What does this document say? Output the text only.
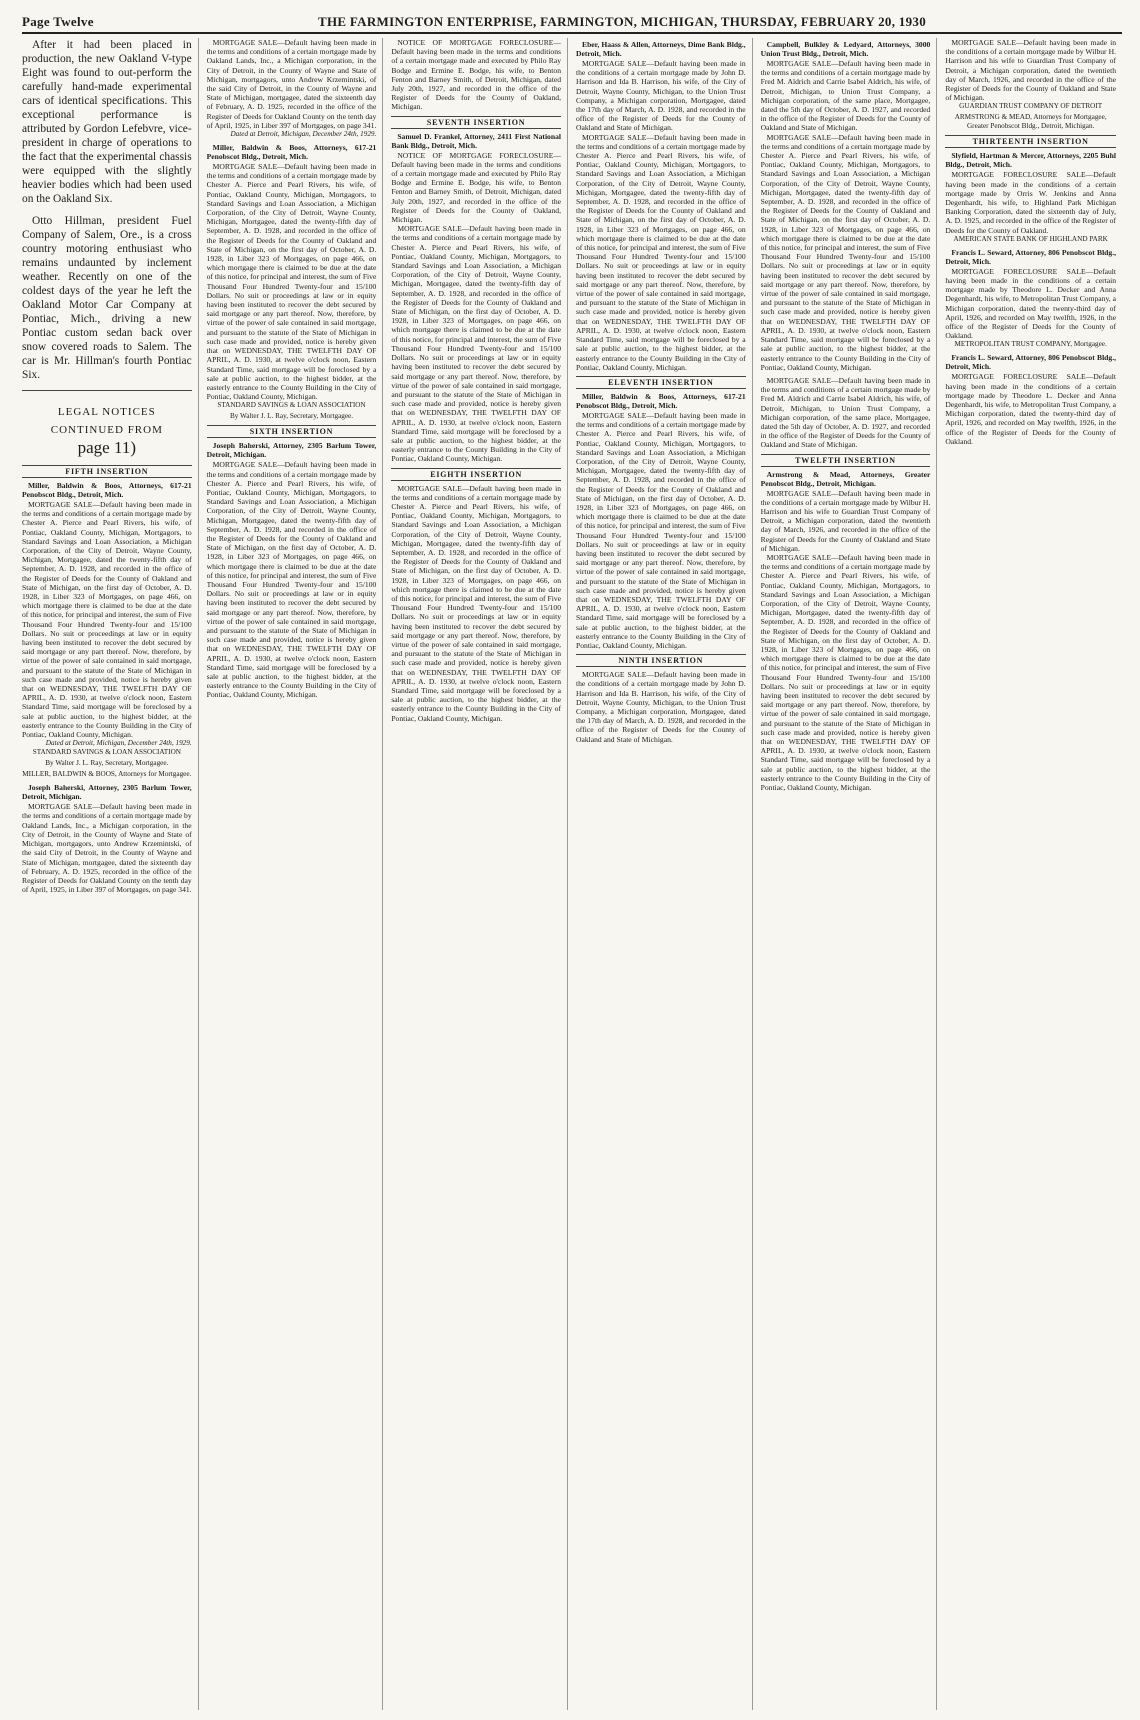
Page Twelve	THE FARMINGTON ENTERPRISE, FARMINGTON, MICHIGAN, THURSDAY, FEBRUARY 20, 1930

After it had been placed in production, the new Oakland V-type Eight was found to out-perform the carefully hand-made experimental cars of identical specifications. This exceptional performance is attributed by Gordon Lefebvre, vice-president in charge of operations to the fact that the experimental chassis were equipped with the slightly heavier bodies which had been used on the Oakland Six.

Otto Hillman, president Fuel Company of Salem, Ore., is a cross country motoring enthusiast who remains undaunted by inclement weather. Recently on one of the coldest days of the year he left the Oakland Motor Car Company at Pontiac, Mich., driving a new Pontiac custom sedan back over snow covered roads to Salem. The car is Mr. Hillman's fourth Pontiac Six.

LEGAL NOTICES
CONTINUED FROM
page 11)
FIFTH INSERTION
Miller, Baldwin & Boos, Attorneys, 617-21 Penobscot Bldg., Detroit, Mich.

MORTGAGE SALE—Default having been made in the terms and conditions of a certain mortgage made by Chester A. Pierce and Pearl Rivers, his wife, of Pontiac, Oakland County, Michigan, Mortgagors, to Standard Savings and Loan Association, a Michigan Corporation, of the City of Detroit, Wayne County, Michigan, Mortgagee, dated the twenty-fifth day of September, A. D. 1928, and recorded in the office of the Register of Deeds for the County of Oakland and State of Michigan, on the first day of October, A. D. 1928, in Liber 323 of Mortgages, on page 466, on which mortgage there is claimed to be due at the date of this notice, for principal and interest, the sum of Five Thousand Four Hundred Twenty-four and 15/100 Dollars. No suit or proceedings at law or in equity having been instituted to recover the debt secured by said mortgage or any part thereof. Now, therefore, by virtue of the power of sale contained in said mortgage, and pursuant to the statute of the State of Michigan in such case made and provided, notice is hereby given that on WEDNESDAY, THE TWELFTH DAY OF APRIL, A. D. 1930, at twelve o'clock noon, Eastern Standard Time, said mortgage will be foreclosed by a sale at public auction, to the highest bidder, at the easterly entrance to the County Building in the City of Pontiac, Oakland County, Michigan.

Dated at Detroit, Michigan, December 24th, 1929.
STANDARD SAVINGS & LOAN ASSOCIATION
By Walter J. L. Ray, Secretary, Mortgagee.
MILLER, BALDWIN & BOOS, Attorneys for Mortgagee.
Joseph Baherski, Attorney, 2305 Barlum Tower, Detroit, Michigan.

MORTGAGE SALE—Default having been made in the terms and conditions of a certain mortgage made by Oakland Lands, Inc., a Michigan corporation, in the City of Detroit, in the County of Wayne and State of Michigan, mortgagors, unto Andrew Krzemintski, of the said City of Detroit, in the County of Wayne and State of Michigan, mortgagee, dated the sixteenth day of February, A. D. 1925, recorded in the office of the Register of Deeds for Oakland County on the tenth day of April, 1925, in Liber 397 of Mortgages, on page 341.

MORTGAGE SALE—Default having been made in the terms and conditions of a certain mortgage made by Oakland Lands, Inc., a Michigan corporation, in the City of Detroit, in the County of Wayne and State of Michigan, mortgagors, unto Andrew Krzemintski, of the said City of Detroit, in the County of Wayne and State of Michigan, mortgagee, dated the sixteenth day of February, A. D. 1925, recorded in the office of the Register of Deeds for Oakland County on the tenth day of April, 1925, in Liber 397 of Mortgages, on page 341.

Dated at Detroit, Michigan, December 24th, 1929.
Miller, Baldwin & Boos, Attorneys, 617-21 Penobscot Bldg., Detroit, Mich.

MORTGAGE SALE—Default having been made in the terms and conditions of a certain mortgage made by Chester A. Pierce and Pearl Rivers, his wife, of Pontiac, Oakland County, Michigan, Mortgagors, to Standard Savings and Loan Association, a Michigan Corporation, of the City of Detroit, Wayne County, Michigan, Mortgagee, dated the twenty-fifth day of September, A. D. 1928, and recorded in the office of the Register of Deeds for the County of Oakland and State of Michigan, on the first day of October, A. D. 1928, in Liber 323 of Mortgages, on page 466, on which mortgage there is claimed to be due at the date of this notice, for principal and interest, the sum of Five Thousand Four Hundred Twenty-four and 15/100 Dollars. No suit or proceedings at law or in equity having been instituted to recover the debt secured by said mortgage or any part thereof. Now, therefore, by virtue of the power of sale contained in said mortgage, and pursuant to the statute of the State of Michigan in such case made and provided, notice is hereby given that on WEDNESDAY, THE TWELFTH DAY OF APRIL, A. D. 1930, at twelve o'clock noon, Eastern Standard Time, said mortgage will be foreclosed by a sale at public auction, to the highest bidder, at the easterly entrance to the County Building in the City of Pontiac, Oakland County, Michigan.

STANDARD SAVINGS & LOAN ASSOCIATION
By Walter J. L. Ray, Secretary, Mortgagee.
SIXTH INSERTION
Joseph Baherski, Attorney, 2305 Barlum Tower, Detroit, Michigan.

MORTGAGE SALE—Default having been made in the terms and conditions of a certain mortgage made by Chester A. Pierce and Pearl Rivers, his wife, of Pontiac, Oakland County, Michigan, Mortgagors, to Standard Savings and Loan Association, a Michigan Corporation, of the City of Detroit, Wayne County, Michigan, Mortgagee, dated the twenty-fifth day of September, A. D. 1928, and recorded in the office of the Register of Deeds for the County of Oakland and State of Michigan, on the first day of October, A. D. 1928, in Liber 323 of Mortgages, on page 466, on which mortgage there is claimed to be due at the date of this notice, for principal and interest, the sum of Five Thousand Four Hundred Twenty-four and 15/100 Dollars. No suit or proceedings at law or in equity having been instituted to recover the debt secured by said mortgage or any part thereof. Now, therefore, by virtue of the power of sale contained in said mortgage, and pursuant to the statute of the State of Michigan in such case made and provided, notice is hereby given that on WEDNESDAY, THE TWELFTH DAY OF APRIL, A. D. 1930, at twelve o'clock noon, Eastern Standard Time, said mortgage will be foreclosed by a sale at public auction, to the highest bidder, at the easterly entrance to the County Building in the City of Pontiac, Oakland County, Michigan.

NOTICE OF MORTGAGE FORECLOSURE—Default having been made in the terms and conditions of a certain mortgage made and executed by Philo Ray Bodge and Ermine E. Bodge, his wife, to Benton Fenton and Barney Smith, of Detroit, Michigan, dated July 20th, 1927, and recorded in the office of the Register of Deeds for the County of Oakland, Michigan.

SEVENTH INSERTION
Samuel D. Frankel, Attorney, 2411 First National Bank Bldg., Detroit, Mich.

NOTICE OF MORTGAGE FORECLOSURE—Default having been made in the terms and conditions of a certain mortgage made and executed by Philo Ray Bodge and Ermine E. Bodge, his wife, to Benton Fenton and Barney Smith, of Detroit, Michigan, dated July 20th, 1927, and recorded in the office of the Register of Deeds for the County of Oakland, Michigan.

MORTGAGE SALE—Default having been made in the terms and conditions of a certain mortgage made by Chester A. Pierce and Pearl Rivers, his wife, of Pontiac, Oakland County, Michigan, Mortgagors, to Standard Savings and Loan Association, a Michigan Corporation, of the City of Detroit, Wayne County, Michigan, Mortgagee, dated the twenty-fifth day of September, A. D. 1928, and recorded in the office of the Register of Deeds for the County of Oakland and State of Michigan, on the first day of October, A. D. 1928, in Liber 323 of Mortgages, on page 466, on which mortgage there is claimed to be due at the date of this notice, for principal and interest, the sum of Five Thousand Four Hundred Twenty-four and 15/100 Dollars. No suit or proceedings at law or in equity having been instituted to recover the debt secured by said mortgage or any part thereof. Now, therefore, by virtue of the power of sale contained in said mortgage, and pursuant to the statute of the State of Michigan in such case made and provided, notice is hereby given that on WEDNESDAY, THE TWELFTH DAY OF APRIL, A. D. 1930, at twelve o'clock noon, Eastern Standard Time, said mortgage will be foreclosed by a sale at public auction, to the highest bidder, at the easterly entrance to the County Building in the City of Pontiac, Oakland County, Michigan.

EIGHTH INSERTION

MORTGAGE SALE—Default having been made in the terms and conditions of a certain mortgage made by Chester A. Pierce and Pearl Rivers, his wife, of Pontiac, Oakland County, Michigan, Mortgagors, to Standard Savings and Loan Association, a Michigan Corporation, of the City of Detroit, Wayne County, Michigan, Mortgagee, dated the twenty-fifth day of September, A. D. 1928, and recorded in the office of the Register of Deeds for the County of Oakland and State of Michigan, on the first day of October, A. D. 1928, in Liber 323 of Mortgages, on page 466, on which mortgage there is claimed to be due at the date of this notice, for principal and interest, the sum of Five Thousand Four Hundred Twenty-four and 15/100 Dollars. No suit or proceedings at law or in equity having been instituted to recover the debt secured by said mortgage or any part thereof. Now, therefore, by virtue of the power of sale contained in said mortgage, and pursuant to the statute of the State of Michigan in such case made and provided, notice is hereby given that on WEDNESDAY, THE TWELFTH DAY OF APRIL, A. D. 1930, at twelve o'clock noon, Eastern Standard Time, said mortgage will be foreclosed by a sale at public auction, to the highest bidder, at the easterly entrance to the County Building in the City of Pontiac, Oakland County, Michigan.

Eber, Haass & Allen, Attorneys, Dime Bank Bldg., Detroit, Mich.

MORTGAGE SALE—Default having been made in the conditions of a certain mortgage made by John D. Harrison and Ida B. Harrison, his wife, of the City of Detroit, Wayne County, Michigan, to the Union Trust Company, a Michigan corporation, Mortgagee, dated the 17th day of March, A. D. 1928, and recorded in the office of the Register of Deeds for the County of Oakland and State of Michigan.

MORTGAGE SALE—Default having been made in the terms and conditions of a certain mortgage made by Chester A. Pierce and Pearl Rivers, his wife, of Pontiac, Oakland County, Michigan, Mortgagors, to Standard Savings and Loan Association, a Michigan Corporation, of the City of Detroit, Wayne County, Michigan, Mortgagee, dated the twenty-fifth day of September, A. D. 1928, and recorded in the office of the Register of Deeds for the County of Oakland and State of Michigan, on the first day of October, A. D. 1928, in Liber 323 of Mortgages, on page 466, on which mortgage there is claimed to be due at the date of this notice, for principal and interest, the sum of Five Thousand Four Hundred Twenty-four and 15/100 Dollars. No suit or proceedings at law or in equity having been instituted to recover the debt secured by said mortgage or any part thereof. Now, therefore, by virtue of the power of sale contained in said mortgage, and pursuant to the statute of the State of Michigan in such case made and provided, notice is hereby given that on WEDNESDAY, THE TWELFTH DAY OF APRIL, A. D. 1930, at twelve o'clock noon, Eastern Standard Time, said mortgage will be foreclosed by a sale at public auction, to the highest bidder, at the easterly entrance to the County Building in the City of Pontiac, Oakland County, Michigan.

ELEVENTH INSERTION
Miller, Baldwin & Boos, Attorneys, 617-21 Penobscot Bldg., Detroit, Mich.

MORTGAGE SALE—Default having been made in the terms and conditions of a certain mortgage made by Chester A. Pierce and Pearl Rivers, his wife, of Pontiac, Oakland County, Michigan, Mortgagors, to Standard Savings and Loan Association, a Michigan Corporation, of the City of Detroit, Wayne County, Michigan, Mortgagee, dated the twenty-fifth day of September, A. D. 1928, and recorded in the office of the Register of Deeds for the County of Oakland and State of Michigan, on the first day of October, A. D. 1928, in Liber 323 of Mortgages, on page 466, on which mortgage there is claimed to be due at the date of this notice, for principal and interest, the sum of Five Thousand Four Hundred Twenty-four and 15/100 Dollars. No suit or proceedings at law or in equity having been instituted to recover the debt secured by said mortgage or any part thereof. Now, therefore, by virtue of the power of sale contained in said mortgage, and pursuant to the statute of the State of Michigan in such case made and provided, notice is hereby given that on WEDNESDAY, THE TWELFTH DAY OF APRIL, A. D. 1930, at twelve o'clock noon, Eastern Standard Time, said mortgage will be foreclosed by a sale at public auction, to the highest bidder, at the easterly entrance to the County Building in the City of Pontiac, Oakland County, Michigan.

NINTH INSERTION

MORTGAGE SALE—Default having been made in the conditions of a certain mortgage made by John D. Harrison and Ida B. Harrison, his wife, of the City of Detroit, Wayne County, Michigan, to the Union Trust Company, a Michigan corporation, Mortgagee, dated the 17th day of March, A. D. 1928, and recorded in the office of the Register of Deeds for the County of Oakland and State of Michigan.

Campbell, Bulkley & Ledyard, Attorneys, 3000 Union Trust Bldg., Detroit, Mich.

MORTGAGE SALE—Default having been made in the terms and conditions of a certain mortgage made by Fred M. Aldrich and Carrie Isabel Aldrich, his wife, of Detroit, Michigan, to Union Trust Company, a Michigan corporation, of the same place, Mortgagee, dated the 5th day of October, A. D. 1927, and recorded in the office of the Register of Deeds for the County of Oakland and State of Michigan.

MORTGAGE SALE—Default having been made in the terms and conditions of a certain mortgage made by Chester A. Pierce and Pearl Rivers, his wife, of Pontiac, Oakland County, Michigan, Mortgagors, to Standard Savings and Loan Association, a Michigan Corporation, of the City of Detroit, Wayne County, Michigan, Mortgagee, dated the twenty-fifth day of September, A. D. 1928, and recorded in the office of the Register of Deeds for the County of Oakland and State of Michigan, on the first day of October, A. D. 1928, in Liber 323 of Mortgages, on page 466, on which mortgage there is claimed to be due at the date of this notice, for principal and interest, the sum of Five Thousand Four Hundred Twenty-four and 15/100 Dollars. No suit or proceedings at law or in equity having been instituted to recover the debt secured by said mortgage or any part thereof. Now, therefore, by virtue of the power of sale contained in said mortgage, and pursuant to the statute of the State of Michigan in such case made and provided, notice is hereby given that on WEDNESDAY, THE TWELFTH DAY OF APRIL, A. D. 1930, at twelve o'clock noon, Eastern Standard Time, said mortgage will be foreclosed by a sale at public auction, to the highest bidder, at the easterly entrance to the County Building in the City of Pontiac, Oakland County, Michigan.

MORTGAGE SALE—Default having been made in the terms and conditions of a certain mortgage made by Fred M. Aldrich and Carrie Isabel Aldrich, his wife, of Detroit, Michigan, to Union Trust Company, a Michigan corporation, of the same place, Mortgagee, dated the 5th day of October, A. D. 1927, and recorded in the office of the Register of Deeds for the County of Oakland and State of Michigan.

TWELFTH INSERTION
Armstrong & Mead, Attorneys, Greater Penobscot Bldg., Detroit, Michigan.

MORTGAGE SALE—Default having been made in the conditions of a certain mortgage made by Wilbur H. Harrison and his wife to Guardian Trust Company of Detroit, a Michigan corporation, dated the twentieth day of March, 1926, and recorded in the office of the Register of Deeds for the County of Oakland and State of Michigan.

MORTGAGE SALE—Default having been made in the terms and conditions of a certain mortgage made by Chester A. Pierce and Pearl Rivers, his wife, of Pontiac, Oakland County, Michigan, Mortgagors, to Standard Savings and Loan Association, a Michigan Corporation, of the City of Detroit, Wayne County, Michigan, Mortgagee, dated the twenty-fifth day of September, A. D. 1928, and recorded in the office of the Register of Deeds for the County of Oakland and State of Michigan, on the first day of October, A. D. 1928, in Liber 323 of Mortgages, on page 466, on which mortgage there is claimed to be due at the date of this notice, for principal and interest, the sum of Five Thousand Four Hundred Twenty-four and 15/100 Dollars. No suit or proceedings at law or in equity having been instituted to recover the debt secured by said mortgage or any part thereof. Now, therefore, by virtue of the power of sale contained in said mortgage, and pursuant to the statute of the State of Michigan in such case made and provided, notice is hereby given that on WEDNESDAY, THE TWELFTH DAY OF APRIL, A. D. 1930, at twelve o'clock noon, Eastern Standard Time, said mortgage will be foreclosed by a sale at public auction, to the highest bidder, at the easterly entrance to the County Building in the City of Pontiac, Oakland County, Michigan.

MORTGAGE SALE—Default having been made in the conditions of a certain mortgage made by Wilbur H. Harrison and his wife to Guardian Trust Company of Detroit, a Michigan corporation, dated the twentieth day of March, 1926, and recorded in the office of the Register of Deeds for the County of Oakland and State of Michigan.

GUARDIAN TRUST COMPANY OF DETROIT
ARMSTRONG & MEAD, Attorneys for Mortgagee, Greater Penobscot Bldg., Detroit, Michigan.
THIRTEENTH INSERTION
Slyfield, Hartman & Mercer, Attorneys, 2205 Buhl Bldg., Detroit, Mich.

MORTGAGE FORECLOSURE SALE—Default having been made in the conditions of a certain mortgage made by Orris W. Jenkins and Anna Degenhardt, his wife, to Highland Park Michigan Banking Corporation, dated the sixteenth day of July, A. D. 1925, and recorded in the office of the Register of Deeds for the County of Oakland.

AMERICAN STATE BANK OF HIGHLAND PARK
Francis L. Seward, Attorney, 806 Penobscot Bldg., Detroit, Mich.

MORTGAGE FORECLOSURE SALE—Default having been made in the conditions of a certain mortgage made by Theodore L. Decker and Anna Degenhardt, his wife, to Metropolitan Trust Company, a Michigan corporation, dated the twenty-third day of April, 1926, and recorded on May twelfth, 1926, in the office of the Register of Deeds for the County of Oakland.

METROPOLITAN TRUST COMPANY, Mortgagee.
Francis L. Seward, Attorney, 806 Penobscot Bldg., Detroit, Mich.

MORTGAGE FORECLOSURE SALE—Default having been made in the conditions of a certain mortgage made by Theodore L. Decker and Anna Degenhardt, his wife, to Metropolitan Trust Company, a Michigan corporation, dated the twenty-third day of April, 1926, and recorded on May twelfth, 1926, in the office of the Register of Deeds for the County of Oakland.
